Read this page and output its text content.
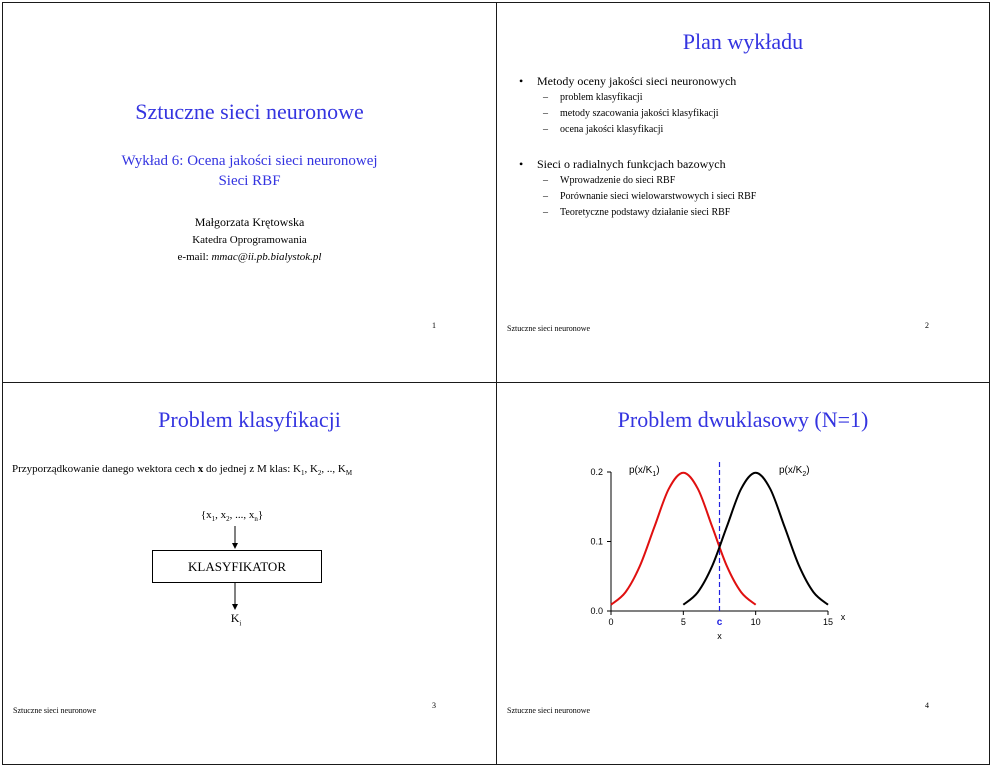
Sztuczne sieci neuronowe
Wykład 6: Ocena jakości sieci neuronowej
Sieci RBF
Małgorzata Krętowska
Katedra Oprogramowania
e-mail: mmac@ii.pb.bialystok.pl
1
Plan wykładu
• Metody oceny jakości sieci neuronowych
– problem klasyfikacji
– metody szacowania jakości klasyfikacji
– ocena jakości klasyfikacji
• Sieci o radialnych funkcjach bazowych
– Wprowadzenie do sieci RBF
– Porównanie sieci wielowarstwowych i sieci RBF
– Teoretyczne podstawy działanie sieci RBF
Sztuczne sieci neuronowe	2
Problem klasyfikacji
Przyporządkowanie danego wektora cech x do jednej z M klas: $K_1$, $K_2$, .., $K_M$
{$x_1$, $x_2$, ..., $x_n$}
KLASYFIKATOR
$K_i$
Sztuczne sieci neuronowe
3
Problem dwuklasowy (N=1)
0	5	10	15
0.0
0.1
0.2
c
$p(x/K_1)$	$p(x/K_2)$
x
x
Sztuczne sieci neuronowe
4
